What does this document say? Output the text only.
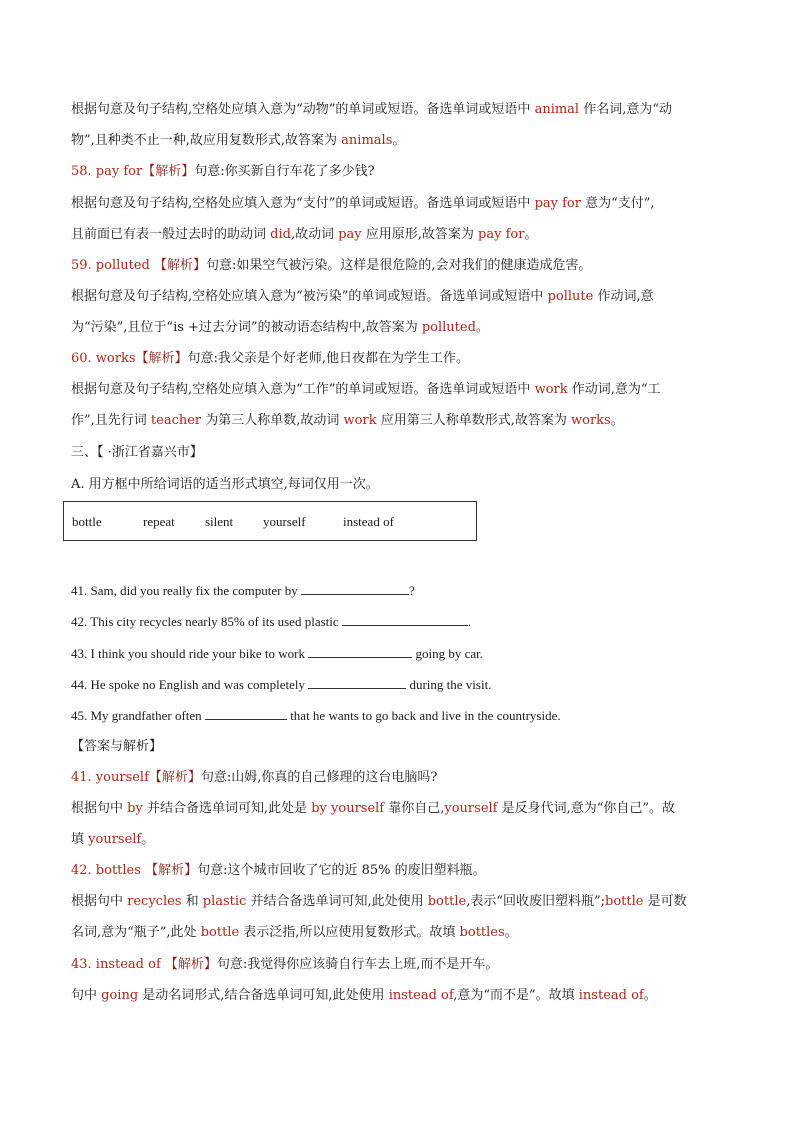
根据句意及句子结构,空格处应填入意为“动物”的单词或短语。备选单词或短语中 animal 作名词,意为“动
物”,且种类不止一种,故应用复数形式,故答案为 animals。
58. pay for【解析】句意:你买新自行车花了多少钱?
根据句意及句子结构,空格处应填入意为“支付”的单词或短语。备选单词或短语中 pay for 意为“支付”,
且前面已有表一般过去时的助动词 did,故动词 pay 应用原形,故答案为 pay for。
59. polluted 【解析】句意:如果空气被污染。这样是很危险的,会对我们的健康造成危害。
根据句意及句子结构,空格处应填入意为“被污染”的单词或短语。备选单词或短语中 pollute 作动词,意
为“污染”,且位于“is +过去分词”的被动语态结构中,故答案为 polluted。
60. works【解析】句意:我父亲是个好老师,他日夜都在为学生工作。
根据句意及句子结构,空格处应填入意为“工作”的单词或短语。备选单词或短语中 work 作动词,意为“工
作”,且先行词 teacher 为第三人称单数,故动词 work 应用第三人称单数形式,故答案为 works。
三、【 ·浙江省嘉兴市】
A. 用方框中所给词语的适当形式填空,每词仅用一次。
bottle	repeat silent yourself	instead of
41. Sam, did you really fix the computer by	?
42. This city recycles nearly 85% of its used plastic	.
43. I think you should ride your bike to work	going by car.
44. He spoke no English and was completely	during the visit.
45. My grandfather often	that he wants to go back and live in the countryside.
【答案与解析】
41. yourself【解析】句意:山姆,你真的自己修理的这台电脑吗?
根据句中 by 并结合备选单词可知,此处是 by yourself 靠你自己,yourself 是反身代词,意为“你自己”。故
填 yourself。
42. bottles 【解析】句意:这个城市回收了它的近 85% 的废旧塑料瓶。
根据句中 recycles 和 plastic 并结合备选单词可知,此处使用 bottle,表示“回收废旧塑料瓶”;bottle 是可数
名词,意为“瓶子”,此处 bottle 表示泛指,所以应使用复数形式。故填 bottles。
43. instead of 【解析】句意:我觉得你应该骑自行车去上班,而不是开车。
句中 going 是动名词形式,结合备选单词可知,此处使用 instead of,意为“而不是”。故填 instead of。
